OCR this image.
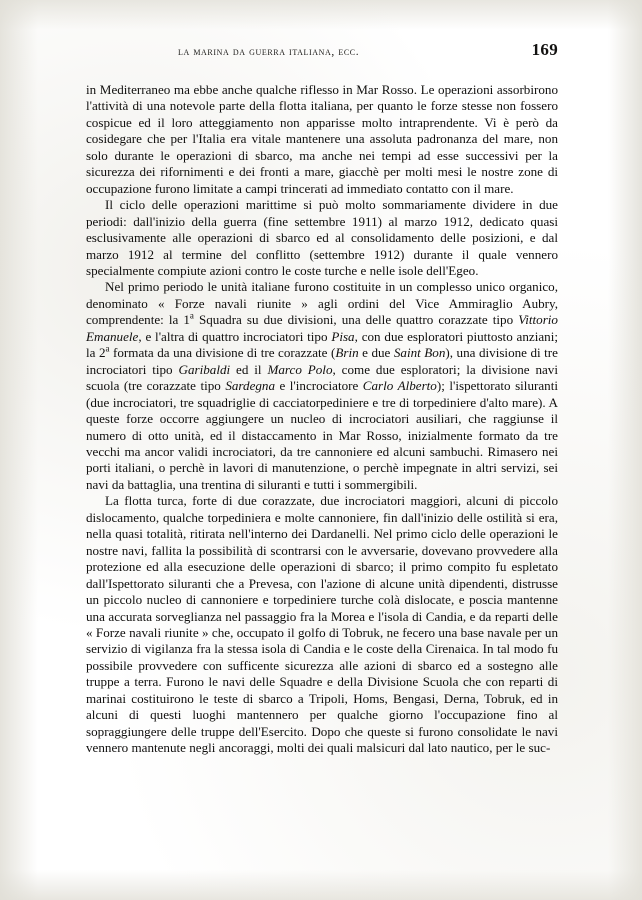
la marina da guerra italiana, ecc.	169

in Mediterraneo ma ebbe anche qualche riflesso in Mar Rosso. Le operazioni assorbirono l'attività di una notevole parte della flotta italiana, per quanto le forze stesse non fossero cospicue ed il loro atteggiamento non apparisse molto intraprendente. Vi è però da cosidegare che per l'Italia era vitale mantenere una assoluta padronanza del mare, non solo durante le operazioni di sbarco, ma anche nei tempi ad esse successivi per la sicurezza dei rifornimenti e dei fronti a mare, giacchè per molti mesi le nostre zone di occupazione furono limitate a campi trincerati ad immediato contatto con il mare.

Il ciclo delle operazioni marittime si può molto sommariamente dividere in due periodi: dall'inizio della guerra (fine settembre 1911) al marzo 1912, dedicato quasi esclusivamente alle operazioni di sbarco ed al consolidamento delle posizioni, e dal marzo 1912 al termine del conflitto (settembre 1912) durante il quale vennero specialmente compiute azioni contro le coste turche e nelle isole dell'Egeo.

Nel primo periodo le unità italiane furono costituite in un complesso unico organico, denominato « Forze navali riunite » agli ordini del Vice Ammiraglio Aubry, comprendente: la 1$^a$ Squadra su due divisioni, una delle quattro corazzate tipo Vittorio Emanuele, e l'altra di quattro incrociatori tipo Pisa, con due esploratori piuttosto anziani; la 2$^a$ formata da una divisione di tre corazzate (Brin e due Saint Bon), una divisione di tre incrociatori tipo Garibaldi ed il Marco Polo, come due esploratori; la divisione navi scuola (tre corazzate tipo Sardegna e l'incrociatore Carlo Alberto); l'ispettorato siluranti (due incrociatori, tre squadriglie di cacciatorpediniere e tre di torpediniere d'alto mare). A queste forze occorre aggiungere un nucleo di incrociatori ausiliari, che raggiunse il numero di otto unità, ed il distaccamento in Mar Rosso, inizialmente formato da tre vecchi ma ancor validi incrociatori, da tre cannoniere ed alcuni sambuchi. Rimasero nei porti italiani, o perchè in lavori di manutenzione, o perchè impegnate in altri servizi, sei navi da battaglia, una trentina di siluranti e tutti i sommergibili.

La flotta turca, forte di due corazzate, due incrociatori maggiori, alcuni di piccolo dislocamento, qualche torpediniera e molte cannoniere, fin dall'inizio delle ostilità si era, nella quasi totalità, ritirata nell'interno dei Dardanelli. Nel primo ciclo delle operazioni le nostre navi, fallita la possibilità di scontrarsi con le avversarie, dovevano provvedere alla protezione ed alla esecuzione delle operazioni di sbarco; il primo compito fu espletato dall'Ispettorato siluranti che a Prevesa, con l'azione di alcune unità dipendenti, distrusse un piccolo nucleo di cannoniere e torpediniere turche colà dislocate, e poscia mantenne una accurata sorveglianza nel passaggio fra la Morea e l'isola di Candia, e da reparti delle « Forze navali riunite » che, occupato il golfo di Tobruk, ne fecero una base navale per un servizio di vigilanza fra la stessa isola di Candia e le coste della Cirenaica. In tal modo fu possibile provvedere con sufficente sicurezza alle azioni di sbarco ed a sostegno alle truppe a terra. Furono le navi delle Squadre e della Divisione Scuola che con reparti di marinai costituirono le teste di sbarco a Tripoli, Homs, Bengasi, Derna, Tobruk, ed in alcuni di questi luoghi mantennero per qualche giorno l'occupazione fino al sopraggiungere delle truppe dell'Esercito. Dopo che queste si furono consolidate le navi vennero mantenute negli ancoraggi, molti dei quali malsicuri dal lato nautico, per le suc-
